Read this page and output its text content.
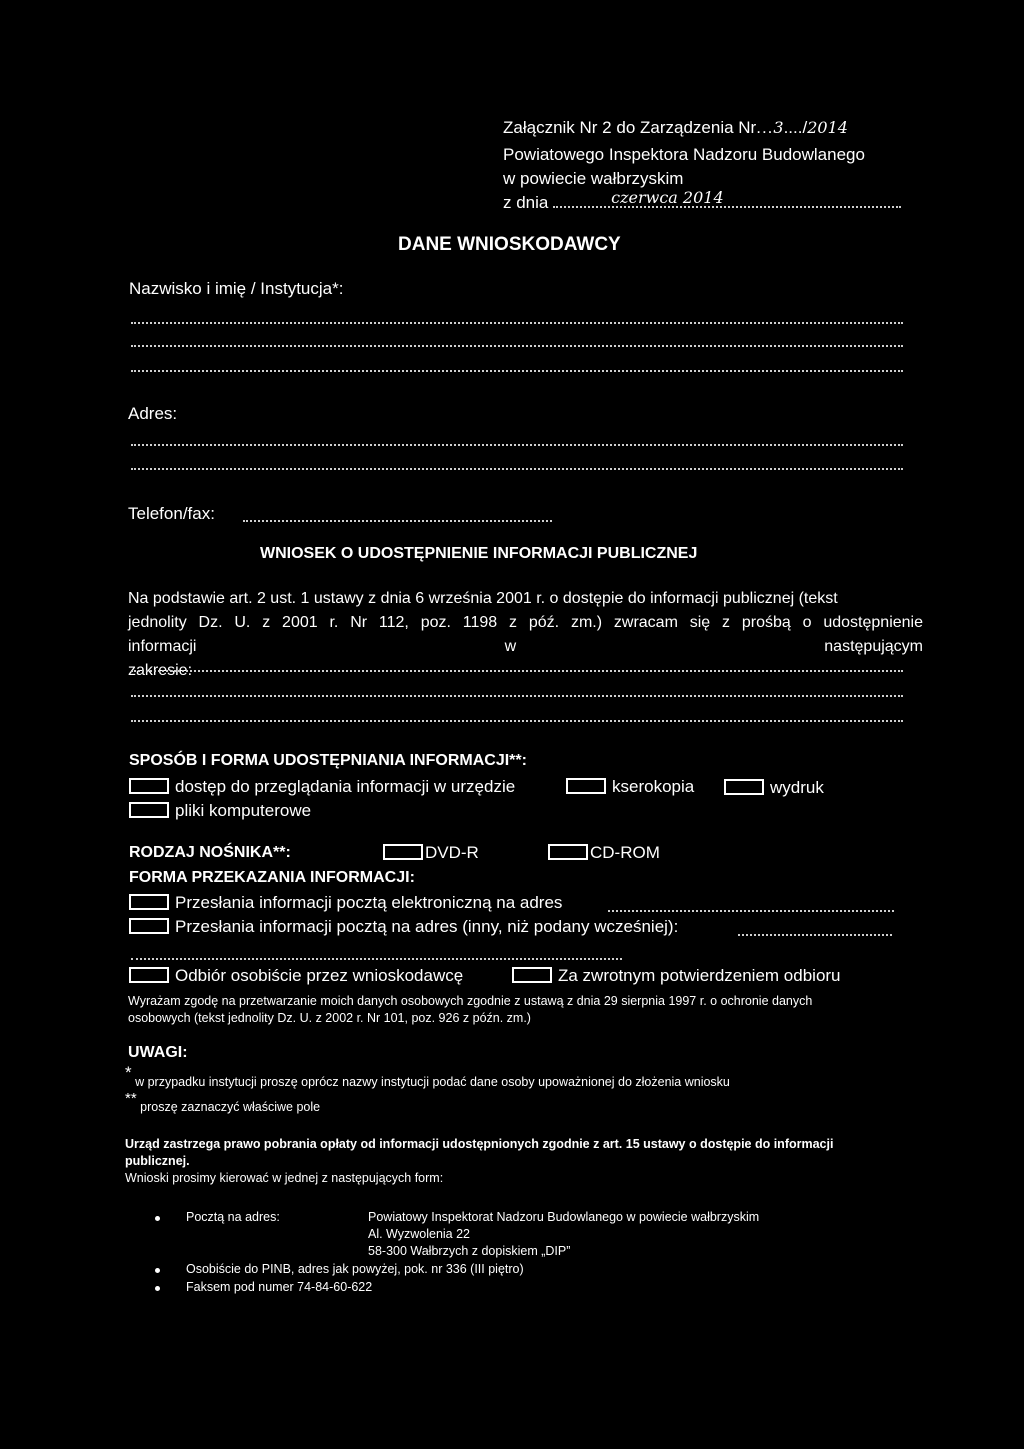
Załącznik Nr 2 do Zarządzenia Nr...3..../2014
Powiatowego Inspektora Nadzoru Budowlanego
w powiecie wałbrzyskim
z dnia	czerwca 2014
DANE WNIOSKODAWCY
Nazwisko i imię / Instytucja*:
Adres:
Telefon/fax:
WNIOSEK O UDOSTĘPNIENIE INFORMACJI PUBLICZNEJ
Na podstawie art. 2 ust. 1 ustawy z dnia 6 września 2001 r. o dostępie do informacji publicznej (tekst
jednolity Dz. U. z 2001 r. Nr 112, poz. 1198 z póź. zm.) zwracam się z prośbą o udostępnienie
informacji w następującym zakresie:
SPOSÓB I FORMA UDOSTĘPNIANIA INFORMACJI**:
dostęp do przeglądania informacji w urzędzie	kserokopia	wydruk
pliki komputerowe
RODZAJ NOŚNIKA**:	DVD-R	CD-ROM
FORMA PRZEKAZANIA INFORMACJI:
Przesłania informacji pocztą elektroniczną na adres
Przesłania informacji pocztą na adres (inny, niż podany wcześniej):
Odbiór osobiście przez wnioskodawcę	Za zwrotnym potwierdzeniem odbioru
Wyrażam zgodę na przetwarzanie moich danych osobowych zgodnie z ustawą z dnia 29 sierpnia 1997 r. o ochronie danych
osobowych (tekst jednolity Dz. U. z 2002 r. Nr 101, poz. 926 z późn. zm.)
UWAGI:
* w przypadku instytucji proszę oprócz nazwy instytucji podać dane osoby upoważnionej do złożenia wniosku
** proszę zaznaczyć właściwe pole
Urząd zastrzega prawo pobrania opłaty od informacji udostępnionych zgodnie z art. 15 ustawy o dostępie do informacji
publicznej.
Wnioski prosimy kierować w jednej z następujących form:
Pocztą na adres:	Powiatowy Inspektorat Nadzoru Budowlanego w powiecie wałbrzyskim
Al. Wyzwolenia 22
58-300 Wałbrzych z dopiskiem „DIP”
Osobiście do PINB, adres jak powyżej, pok. nr 336 (III piętro)
Faksem pod numer 74-84-60-622
